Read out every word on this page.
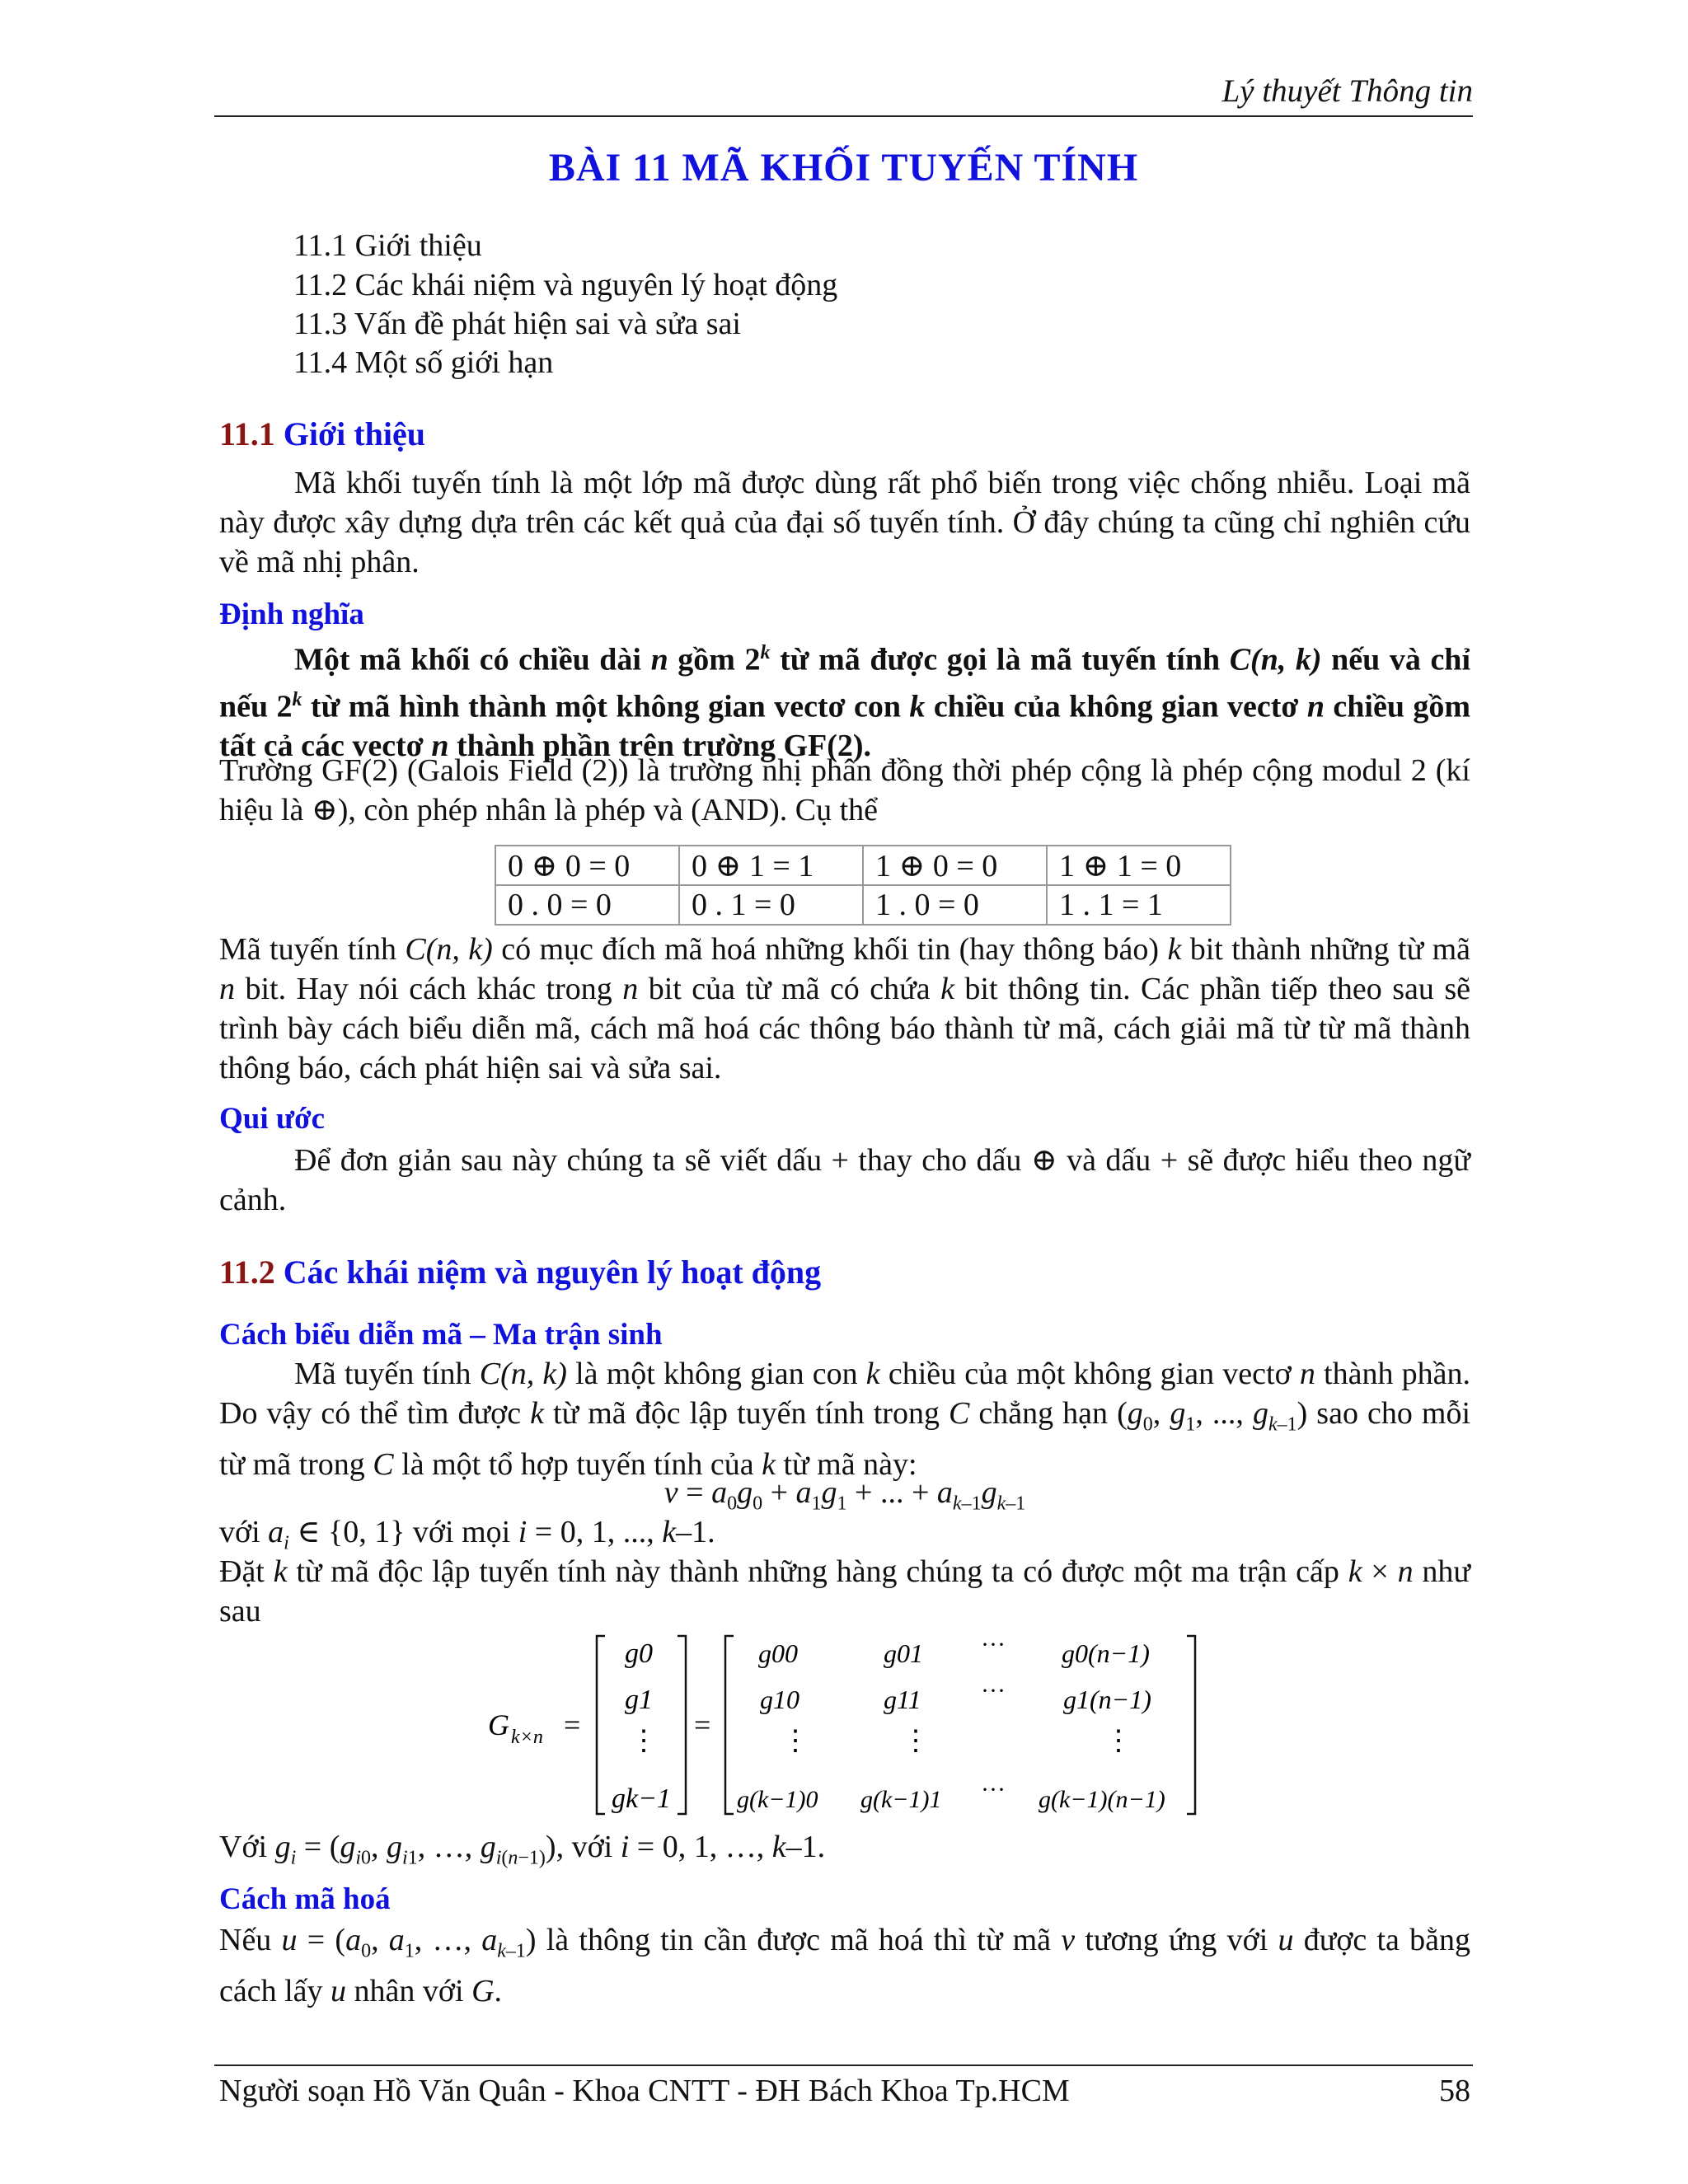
Lý thuyết Thông tin
BÀI 11 MÃ KHỐI TUYẾN TÍNH
11.1 Giới thiệu
11.2 Các khái niệm và nguyên lý hoạt động
11.3 Vấn đề phát hiện sai và sửa sai
11.4 Một số giới hạn
11.1 Giới thiệu
Mã khối tuyến tính là một lớp mã được dùng rất phổ biến trong việc chống nhiễu. Loại mã này được xây dựng dựa trên các kết quả của đại số tuyến tính. Ở đây chúng ta cũng chỉ nghiên cứu về mã nhị phân.
Định nghĩa
Một mã khối có chiều dài n gồm 2$^k$ từ mã được gọi là mã tuyến tính C(n, k) nếu và chỉ nếu 2$^k$ từ mã hình thành một không gian vectơ con k chiều của không gian vectơ n chiều gồm tất cả các vectơ n thành phần trên trường GF(2).
Trường GF(2) (Galois Field (2)) là trường nhị phân đồng thời phép cộng là phép cộng modul 2 (kí hiệu là ⊕), còn phép nhân là phép và (AND). Cụ thể
0 ⊕ 0 = 0	0 ⊕ 1 = 1	1 ⊕ 0 = 0	1 ⊕ 1 = 0
0 . 0 = 0	0 . 1 = 0	1 . 0 = 0	1 . 1 = 1
Mã tuyến tính C(n, k) có mục đích mã hoá những khối tin (hay thông báo) k bit thành những từ mã n bit. Hay nói cách khác trong n bit của từ mã có chứa k bit thông tin. Các phần tiếp theo sau sẽ trình bày cách biểu diễn mã, cách mã hoá các thông báo thành từ mã, cách giải mã từ từ mã thành thông báo, cách phát hiện sai và sửa sai.
Qui ước
Để đơn giản sau này chúng ta sẽ viết dấu + thay cho dấu ⊕ và dấu + sẽ được hiểu theo ngữ cảnh.
11.2 Các khái niệm và nguyên lý hoạt động
Cách biểu diễn mã – Ma trận sinh
Mã tuyến tính C(n, k) là một không gian con k chiều của một không gian vectơ n thành phần. Do vậy có thể tìm được k từ mã độc lập tuyến tính trong C chẳng hạn ($g_0$, $g_1$, ..., $g_{k-1}$) sao cho mỗi từ mã trong C là một tổ hợp tuyến tính của k từ mã này:
$v = a_0g_0 + a_1g_1$ + ... + $a_{k-1}g_{k-1}$
với $a_i$ ∈ {0, 1} với mọi i = 0, 1, ..., k–1.
Đặt k từ mã độc lập tuyến tính này thành những hàng chúng ta có được một ma trận cấp k × n như sau
G k×n =
g0
g1
⋮
gk−1
=
g00	g01 ··· g0(n−1)
g10	g11 ··· g1(n−1)
⋮	⋮	⋮
g(k−1)0 g(k−1)1 ··· g(k−1)(n−1)
Với $g_i = (g_{i0}$, $g_{i1}$, …, $g_{i(n-1)}$), với i = 0, 1, …, k–1.
Cách mã hoá
Nếu $u = (a_0$, $a_1$, …, $a_{k-1}$) là thông tin cần được mã hoá thì từ mã v tương ứng với u được ta bằng cách lấy u nhân với G.
Người soạn Hồ Văn Quân - Khoa CNTT - ĐH Bách Khoa Tp.HCM	58
